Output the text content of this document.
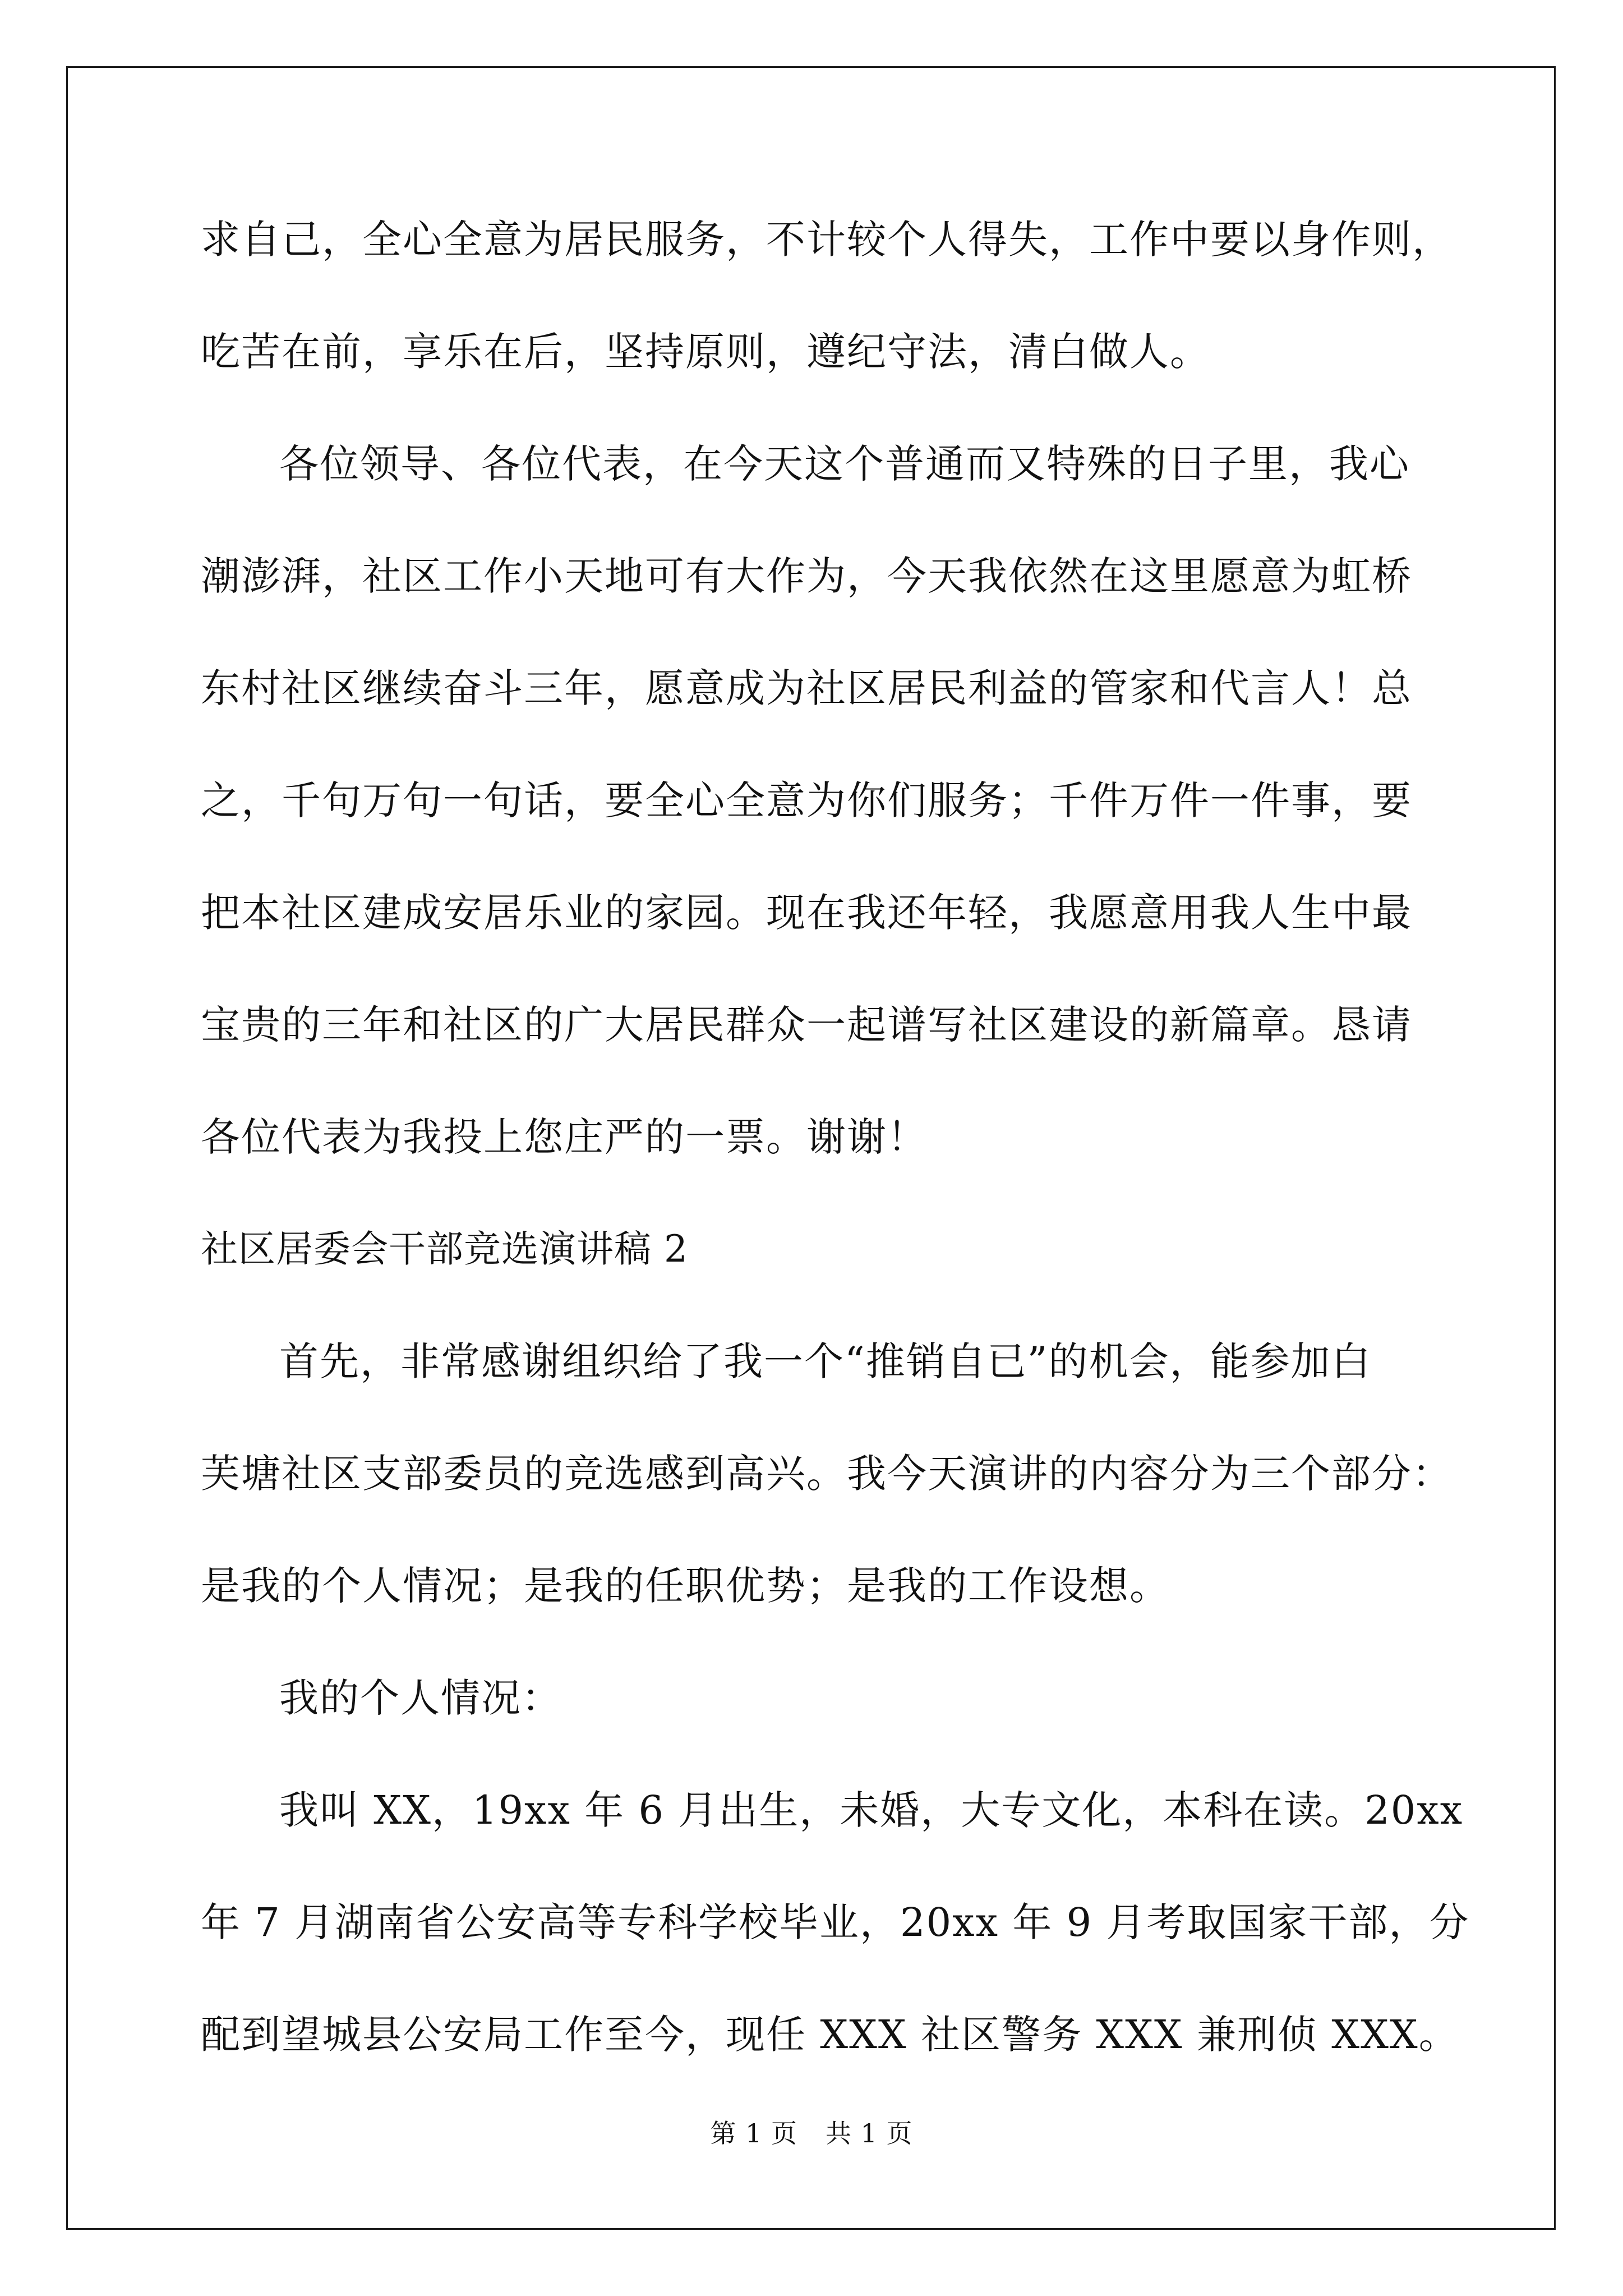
求自己，全心全意为居民服务，不计较个人得失，工作中要以身作则，
吃苦在前，享乐在后，坚持原则，遵纪守法，清白做人。
各位领导、各位代表，在今天这个普通而又特殊的日子里，我心
潮澎湃，社区工作小天地可有大作为，今天我依然在这里愿意为虹桥
东村社区继续奋斗三年，愿意成为社区居民利益的管家和代言人！总
之，千句万句一句话，要全心全意为你们服务；千件万件一件事，要
把本社区建成安居乐业的家园。现在我还年轻，我愿意用我人生中最
宝贵的三年和社区的广大居民群众一起谱写社区建设的新篇章。恳请
各位代表为我投上您庄严的一票。谢谢！
社区居委会干部竞选演讲稿 2
首先，非常感谢组织给了我一个“推销自已”的机会，能参加白
芙塘社区支部委员的竞选感到高兴。我今天演讲的内容分为三个部分：
是我的个人情况；是我的任职优势；是我的工作设想。
我的个人情况：
我叫 XX，19xx 年 6 月出生，未婚，大专文化，本科在读。20xx
年 7 月湖南省公安高等专科学校毕业，20xx 年 9 月考取国家干部，分
配到望城县公安局工作至今，现任 XXX 社区警务 XXX 兼刑侦 XXX。
第 1 页 共 1 页
